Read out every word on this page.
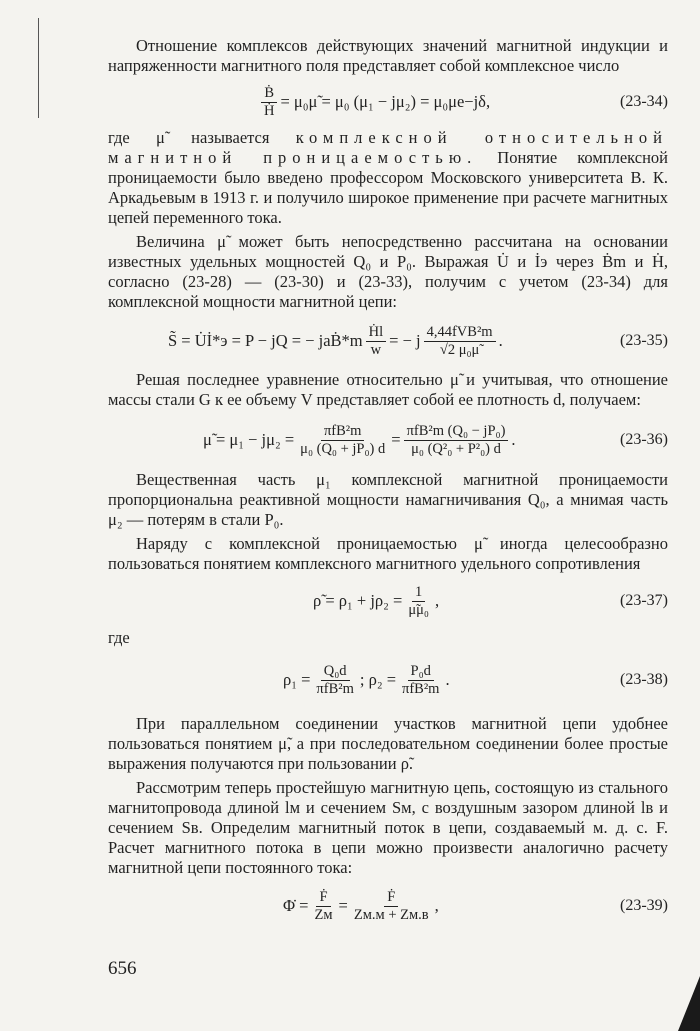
Отношение комплексов действующих значений магнитной индукции и напряженности магнитного поля представляет собой комплексное число

$\frac{\text{Ḃ}}{\text{Ḣ}}$ = μ₀μ̃ = μ₀ (μ₁ − jμ₂) = μ₀μe−jδ,	(23-34)

где μ̃ называется комплексной относительной магнитной проницаемостью. Понятие комплексной проницаемости было введено профессором Московского университета В. К. Аркадьевым в 1913 г. и получило широкое применение при расчете магнитных цепей переменного тока.

Величина μ̃ может быть непосредственно рассчитана на основании известных удельных мощностей Q₀ и P₀. Выражая U̇ и İэ через Ḃm и Ḣ, согласно (23-28) — (23-30) и (23-33), получим с учетом (23-34) для комплексной мощности магнитной цепи:

S̃ = U̇İ*э = P − jQ = − jaḂ*m $\frac{\text{Ḣl}}{w}$ = − j $\frac{\text{4,44fVB²m}}{\text{√2 μ₀μ̃}}$ .	(23-35)

Решая последнее уравнение относительно μ̃ и учитывая, что отношение массы стали G к ее объему V представляет собой ее плотность d, получаем:

μ̃ = $\mu_1 - j\mu_2 = \frac{\text{πfB²m}}{\text{μ₀ (Q₀ + jP₀) d}} = \frac{\text{πfB²m (Q₀ − jP₀)}}{\text{μ₀ (Q²₀ + P²₀) d}}$ .	(23-36)

Вещественная часть μ₁ комплексной магнитной проницаемости пропорциональна реактивной мощности намагничивания Q₀, а мнимая часть μ₂ — потерям в стали P₀.

Наряду с комплексной проницаемостью μ̃ иногда целесообразно пользоваться понятием комплексного магнитного удельного сопротивления

ρ̃ = $\rho_1 + j\rho_2 = \frac{1}{\text{μ̃μ₀}}$ ,	(23-37)
где
$\rho_1 = \frac{\text{Q₀d}}{\text{πfB²m}}$ ; $\rho_2 = \frac{\text{P₀d}}{\text{πfB²m}}$ .	(23-38)

При параллельном соединении участков магнитной цепи удобнее пользоваться понятием μ̃, а при последовательном соединении более простые выражения получаются при пользовании ρ̃.

Рассмотрим теперь простейшую магнитную цепь, состоящую из стального магнитопровода длиной lм и сечением Sм, с воздушным зазором длиной lв и сечением Sв. Определим магнитный поток в цепи, создаваемый м. д. с. F. Расчет магнитного потока в цепи можно произвести аналогично расчету магнитной цепи постоянного тока:

Φ̇ = $\frac{\text{Ḟ}}{Zм} = \frac{\text{Ḟ}}{Zм.м + Zм.в}$ ,	(23-39)
656
